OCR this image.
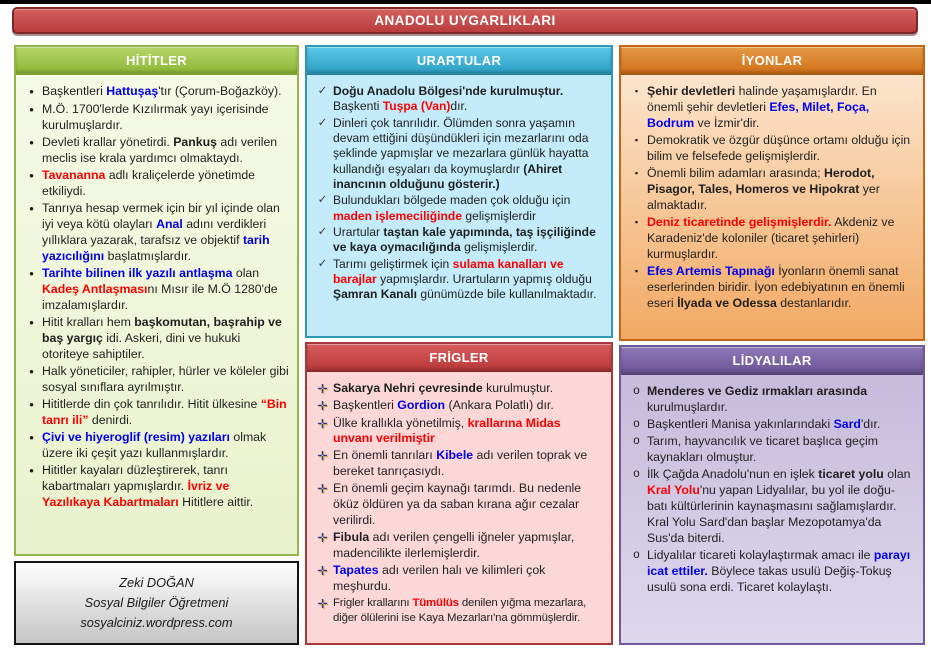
ANADOLU UYGARLIKLARI
HİTİTLER
• Başkentleri Hattuşaş'tır (Çorum-Boğazköy).
• M.Ö. 1700'lerde Kızılırmak yayı içerisinde kurulmuşlardır.
• Devleti krallar yönetirdi. Pankuş adı verilen meclis ise krala yardımcı olmaktaydı.
• Tavananna adlı kraliçelerde yönetimde etkiliydi.
• Tanrıya hesap vermek için bir yıl içinde olan iyi veya kötü olayları Anal adını verdikleri yıllıklara yazarak, tarafsız ve objektif tarih yazıcılığını başlatmışlardır.
• Tarihte bilinen ilk yazılı antlaşma olan Kadeş Antlaşmasını Mısır ile M.Ö 1280'de imzalamışlardır.
• Hitit kralları hem başkomutan, başrahip ve baş yargıç idi. Askeri, dini ve hukuki otoriteye sahiptiler.
• Halk yöneticiler, rahipler, hürler ve köleler gibi sosyal sınıflara ayrılmıştır.
• Hititlerde din çok tanrılıdır. Hitit ülkesine “Bin tanrı ili” denirdi.
• Çivi ve hiyeroglif (resim) yazıları olmak üzere iki çeşit yazı kullanmışlardır.
• Hititler kayaları düzleştirerek, tanrı kabartmaları yapmışlardır. İvriz ve Yazılıkaya Kabartmaları Hititlere aittir.
URARTULAR
✓ Doğu Anadolu Bölgesi'nde kurulmuştur. Başkenti Tuşpa (Van)dır.
✓ Dinleri çok tanrılıdır. Ölümden sonra yaşamın devam ettiğini düşündükleri için mezarlarını oda şeklinde yapmışlar ve mezarlara günlük hayatta kullandığı eşyaları da koymuşlardır (Ahiret inancının olduğunu gösterir.)
✓ Bulundukları bölgede maden çok olduğu için maden işlemeciliğinde gelişmişlerdir
✓ Urartular taştan kale yapımında, taş işçiliğinde ve kaya oymacılığında gelişmişlerdir.
✓ Tarımı geliştirmek için sulama kanalları ve barajlar yapmışlardır. Urartuların yapmış olduğu Şamran Kanalı günümüzde bile kullanılmaktadır.
FRİGLER
✛ Sakarya Nehri çevresinde kurulmuştur.
✛ Başkentleri Gordion (Ankara Polatlı) dır.
✛ Ülke krallıkla yönetilmiş, krallarına Midas unvanı verilmiştir
✛ En önemli tanrıları Kibele adı verilen toprak ve bereket tanrıçasıydı.
✛ En önemli geçim kaynağı tarımdı. Bu nedenle öküz öldüren ya da saban kırana ağır cezalar verilirdi.
✛ Fibula adı verilen çengelli iğneler yapmışlar, madencilikte ilerlemişlerdir.
✛ Tapates adı verilen halı ve kilimleri çok meşhurdu.
✛ Frigler krallarını Tümülüs denilen yığma mezarlara, diğer ölülerini ise Kaya Mezarları'na gömmüşlerdir.
İYONLAR
▪ Şehir devletleri halinde yaşamışlardır. En önemli şehir devletleri Efes, Milet, Foça, Bodrum ve İzmir'dir.
▪ Demokratik ve özgür düşünce ortamı olduğu için bilim ve felsefede gelişmişlerdir.
▪ Önemli bilim adamları arasında; Herodot, Pisagor, Tales, Homeros ve Hipokrat yer almaktadır.
▪ Deniz ticaretinde gelişmişlerdir. Akdeniz ve Karadeniz'de koloniler (ticaret şehirleri) kurmuşlardır.
▪ Efes Artemis Tapınağı İyonların önemli sanat eserlerinden biridir. İyon edebiyatının en önemli eseri İlyada ve Odessa destanlarıdır.
LİDYALILAR
o Menderes ve Gediz ırmakları arasında kurulmuşlardır.
o Başkentleri Manisa yakınlarındaki Sard'dır.
o Tarım, hayvancılık ve ticaret başlıca geçim kaynakları olmuştur.
o İlk Çağda Anadolu'nun en işlek ticaret yolu olan Kral Yolu'nu yapan Lidyalılar, bu yol ile doğu-batı kültürlerinin kaynaşmasını sağlamışlardır. Kral Yolu Sard'dan başlar Mezopotamya'da Sus'da biterdi.
o Lidyalılar ticareti kolaylaştırmak amacı ile parayı icat ettiler. Böylece takas usulü Değiş-Tokuş usulü sona erdi. Ticaret kolaylaştı.
Zeki DOĞAN
Sosyal Bilgiler Öğretmeni
sosyalciniz.wordpress.com
